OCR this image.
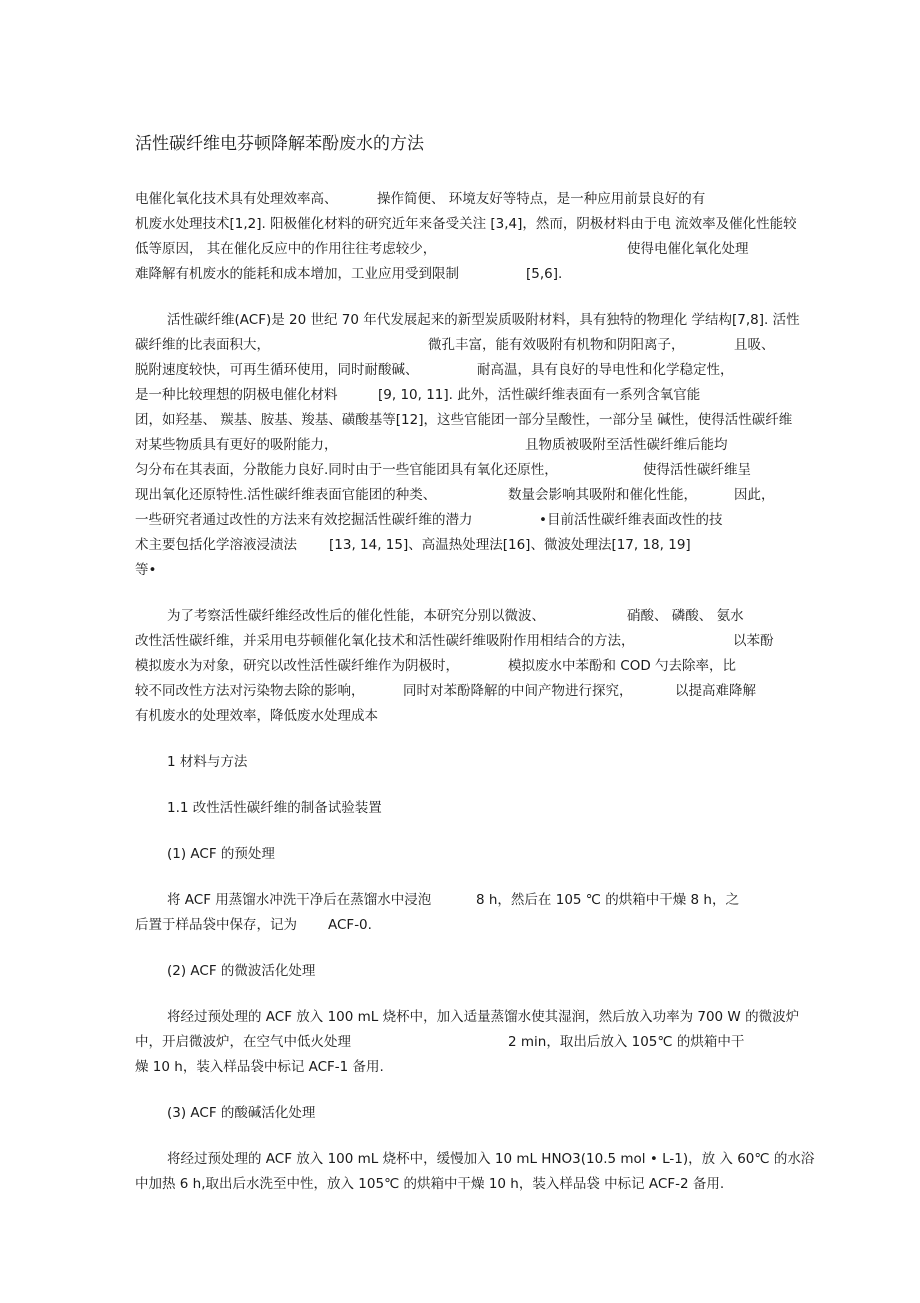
活性碳纤维电芬顿降解苯酚废水的方法
电催化氧化技术具有处理效率高、	操作简便、 环境友好等特点，是一种应用前景良好的有
机废水处理技术[1,2]. 阳极催化材料的研究近年来备受关注 [3,4]，然而，阴极材料由于电 流效率及催化性能较
低等原因， 其在催化反应中的作用往往考虑较少，	使得电催化氧化处理
难降解有机废水的能耗和成本增加，工业应用受到限制	[5,6].
活性碳纤维(ACF)是 20 世纪 70 年代发展起来的新型炭质吸附材料，具有独特的物理化 学结构[7,8]. 活性
碳纤维的比表面积大，	微孔丰富，能有效吸附有机物和阴阳离子，	且吸、
脱附速度较快，可再生循环使用，同时耐酸碱、	耐高温，具有良好的导电性和化学稳定性，
是一种比较理想的阴极电催化材料	[9, 10, 11]. 此外，活性碳纤维表面有一系列含氧官能
团，如羟基、 羰基、胺基、羧基、磺酸基等[12]，这些官能团一部分呈酸性，一部分呈 碱性，使得活性碳纤维
对某些物质具有更好的吸附能力，	且物质被吸附至活性碳纤维后能均
匀分布在其表面，分散能力良好.同时由于一些官能团具有氧化还原性，	使得活性碳纤维呈
现出氧化还原特性.活性碳纤维表面官能团的种类、	数量会影响其吸附和催化性能，	因此，
一些研究者通过改性的方法来有效挖掘活性碳纤维的潜力	•目前活性碳纤维表面改性的技
术主要包括化学溶液浸渍法 [13, 14, 15]、高温热处理法[16]、微波处理法[17, 18, 19]
等•
为了考察活性碳纤维经改性后的催化性能，本研究分别以微波、	硝酸、 磷酸、 氨水
改性活性碳纤维，并采用电芬顿催化氧化技术和活性碳纤维吸附作用相结合的方法，	以苯酚
模拟废水为对象，研究以改性活性碳纤维作为阴极时，	模拟废水中苯酚和 COD 勺去除率，比
较不同改性方法对污染物去除的影响，	同时对苯酚降解的中间产物进行探究，	以提高难降解
有机废水的处理效率，降低废水处理成本
1 材料与方法
1.1 改性活性碳纤维的制备试验装置
(1) ACF 的预处理
将 ACF 用蒸馏水冲洗干净后在蒸馏水中浸泡	8 h，然后在 105 ℃ 的烘箱中干燥 8 h，之
后置于样品袋中保存，记为 ACF-0.
(2) ACF 的微波活化处理
将经过预处理的 ACF 放入 100 mL 烧杯中，加入适量蒸馏水使其湿润，然后放入功率为 700 W 的微波炉
中，开启微波炉，在空气中低火处理	2 min，取出后放入 105℃ 的烘箱中干
燥 10 h，装入样品袋中标记 ACF-1 备用.
(3) ACF 的酸碱活化处理
将经过预处理的 ACF 放入 100 mL 烧杯中，缓慢加入 10 mL HNO3(10.5 mol • L-1)，放 入 60℃ 的水浴
中加热 6 h,取出后水洗至中性，放入 105℃ 的烘箱中干燥 10 h，装入样品袋 中标记 ACF-2 备用.
